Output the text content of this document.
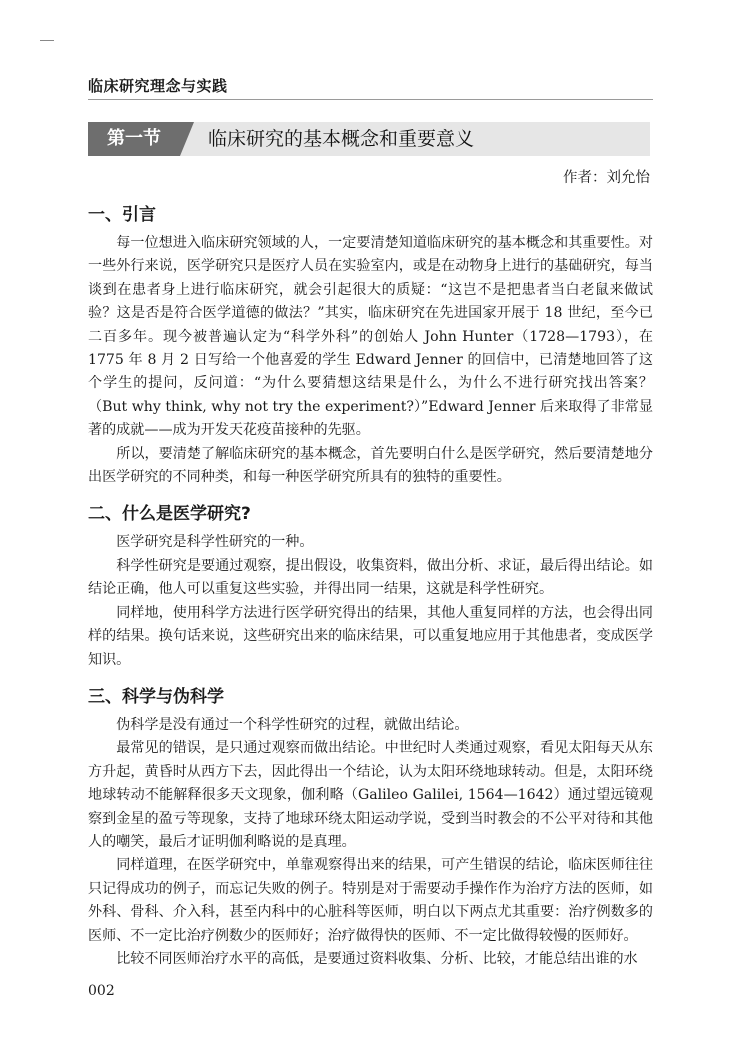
临床研究理念与实践
第一节	临床研究的基本概念和重要意义
作者：刘允怡
一、引言

每一位想进入临床研究领域的人，一定要清楚知道临床研究的基本概念和其重要性。对一些外行来说，医学研究只是医疗人员在实验室内，或是在动物身上进行的基础研究，每当谈到在患者身上进行临床研究，就会引起很大的质疑：“这岂不是把患者当白老鼠来做试验？这是否是符合医学道德的做法？”其实，临床研究在先进国家开展于 18 世纪，至今已二百多年。现今被普遍认定为“科学外科”的创始人 John Hunter（1728—1793），在 1775 年 8 月 2 日写给一个他喜爱的学生 Edward Jenner 的回信中，已清楚地回答了这个学生的提问，反问道：“为什么要猜想这结果是什么，为什么不进行研究找出答案？（But why think, why not try the experiment?）”Edward Jenner 后来取得了非常显著的成就——成为开发天花疫苗接种的先驱。

所以，要清楚了解临床研究的基本概念，首先要明白什么是医学研究，然后要清楚地分出医学研究的不同种类，和每一种医学研究所具有的独特的重要性。

二、什么是医学研究?

医学研究是科学性研究的一种。

科学性研究是要通过观察，提出假设，收集资料，做出分析、求证，最后得出结论。如结论正确，他人可以重复这些实验，并得出同一结果，这就是科学性研究。

同样地，使用科学方法进行医学研究得出的结果，其他人重复同样的方法，也会得出同样的结果。换句话来说，这些研究出来的临床结果，可以重复地应用于其他患者，变成医学知识。

三、科学与伪科学

伪科学是没有通过一个科学性研究的过程，就做出结论。

最常见的错误，是只通过观察而做出结论。中世纪时人类通过观察，看见太阳每天从东方升起，黄昏时从西方下去，因此得出一个结论，认为太阳环绕地球转动。但是，太阳环绕地球转动不能解释很多天文现象，伽利略（Galileo Galilei, 1564—1642）通过望远镜观察到金星的盈亏等现象，支持了地球环绕太阳运动学说，受到当时教会的不公平对待和其他人的嘲笑，最后才证明伽利略说的是真理。

同样道理，在医学研究中，单靠观察得出来的结果，可产生错误的结论，临床医师往往只记得成功的例子，而忘记失败的例子。特别是对于需要动手操作作为治疗方法的医师，如外科、骨科、介入科，甚至内科中的心脏科等医师，明白以下两点尤其重要：治疗例数多的医师、不一定比治疗例数少的医师好；治疗做得快的医师、不一定比做得较慢的医师好。

比较不同医师治疗水平的高低，是要通过资料收集、分析、比较，才能总结出谁的水

002
